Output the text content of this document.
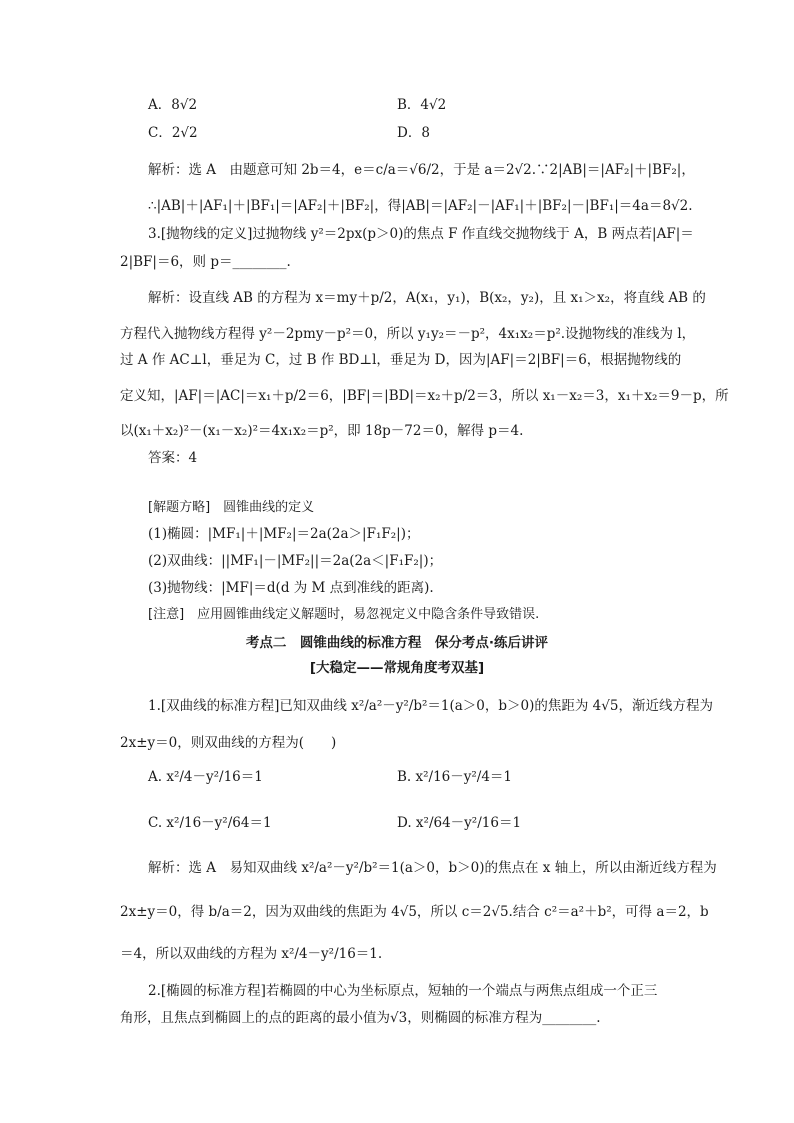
A．8√2	B．4√2
C．2√2	D．8
解析：选 A　由题意可知 2b＝4，e＝c/a＝√6/2，于是 a＝2√2.∵2|AB|＝|AF₂|＋|BF₂|，
∴|AB|＋|AF₁|＋|BF₁|＝|AF₂|＋|BF₂|，得|AB|＝|AF₂|－|AF₁|＋|BF₂|－|BF₁|＝4a＝8√2.
3.[抛物线的定义]过抛物线 y²＝2px(p＞0)的焦点 F 作直线交抛物线于 A，B 两点若|AF|＝
2|BF|＝6，则 p＝________.
解析：设直线 AB 的方程为 x＝my＋p/2，A(x₁，y₁)，B(x₂，y₂)，且 x₁＞x₂，将直线 AB 的
方程代入抛物线方程得 y²－2pmy－p²＝0，所以 y₁y₂＝－p²，4x₁x₂＝p².设抛物线的准线为 l，
过 A 作 AC⊥l，垂足为 C，过 B 作 BD⊥l，垂足为 D，因为|AF|＝2|BF|＝6，根据抛物线的
定义知，|AF|＝|AC|＝x₁＋p/2＝6，|BF|＝|BD|＝x₂＋p/2＝3，所以 x₁－x₂＝3，x₁＋x₂＝9－p，所
以(x₁＋x₂)²－(x₁－x₂)²＝4x₁x₂＝p²，即 18p－72＝0，解得 p＝4.
答案：4
[解题方略]　圆锥曲线的定义
(1)椭圆：|MF₁|＋|MF₂|＝2a(2a＞|F₁F₂|)；
(2)双曲线：||MF₁|－|MF₂||＝2a(2a＜|F₁F₂|)；
(3)抛物线：|MF|＝d(d 为 M 点到准线的距离).
[注意]　应用圆锥曲线定义解题时，易忽视定义中隐含条件导致错误.
考点二　圆锥曲线的标准方程　保分考点·练后讲评
[大稳定——常规角度考双基]
1.[双曲线的标准方程]已知双曲线 x²/a²－y²/b²＝1(a＞0，b＞0)的焦距为 4√5，渐近线方程为
2x±y＝0，则双曲线的方程为(　　)
A. x²/4－y²/16＝1	B. x²/16－y²/4＝1
C. x²/16－y²/64＝1	D. x²/64－y²/16＝1
解析：选 A　易知双曲线 x²/a²－y²/b²＝1(a＞0，b＞0)的焦点在 x 轴上，所以由渐近线方程为
2x±y＝0，得 b/a＝2，因为双曲线的焦距为 4√5，所以 c＝2√5.结合 c²＝a²＋b²，可得 a＝2，b
＝4，所以双曲线的方程为 x²/4－y²/16＝1.
2.[椭圆的标准方程]若椭圆的中心为坐标原点，短轴的一个端点与两焦点组成一个正三
角形，且焦点到椭圆上的点的距离的最小值为√3，则椭圆的标准方程为________.
